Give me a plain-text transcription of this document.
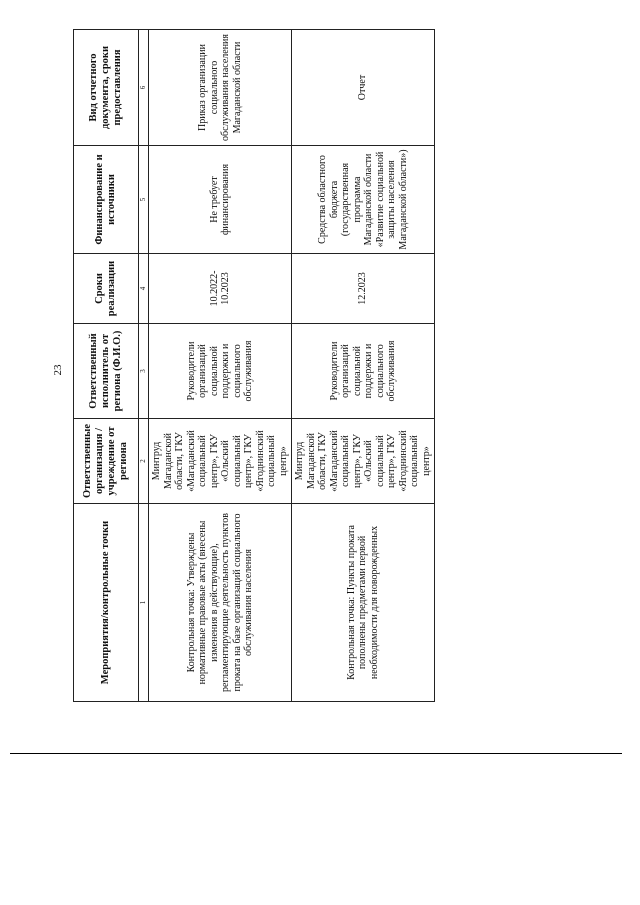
23
Мероприятия/контрольные точки	Ответственные организация / учреждение от региона	Ответственный исполнитель от региона (Ф.И.О.)	Сроки реализации	Финансирование и источники	Вид отчетного документа, сроки предоставления
1	2	3	4	5	6
Контрольная точка: Утверждены нормативные правовые акты (внесены изменения в действующие), регламентирующие деятельность пунктов проката на базе организаций социального обслуживания населения	Минтруд Магаданской области, ГКУ «Магаданский социальный центр», ГКУ «Ольский социальный центр», ГКУ «Ягоднинский социальный центр»	Руководители организаций социальной поддержки и социального обслуживания	10.2022-10.2023	Не требует финансирования	Приказ организации социального обслуживания населения Магаданской области
Контрольная точка: Пункты проката пополнены предметами первой необходимости для новорожденных	Минтруд Магаданской области, ГКУ «Магаданский социальный центр», ГКУ «Ольский социальный центр», ГКУ «Ягоднинский социальный центр»	Руководители организаций социальной поддержки и социального обслуживания	12.2023	Средства областного бюджета (государственная программа Магаданской области «Развитие социальной защиты населения Магаданской области»)	Отчет
